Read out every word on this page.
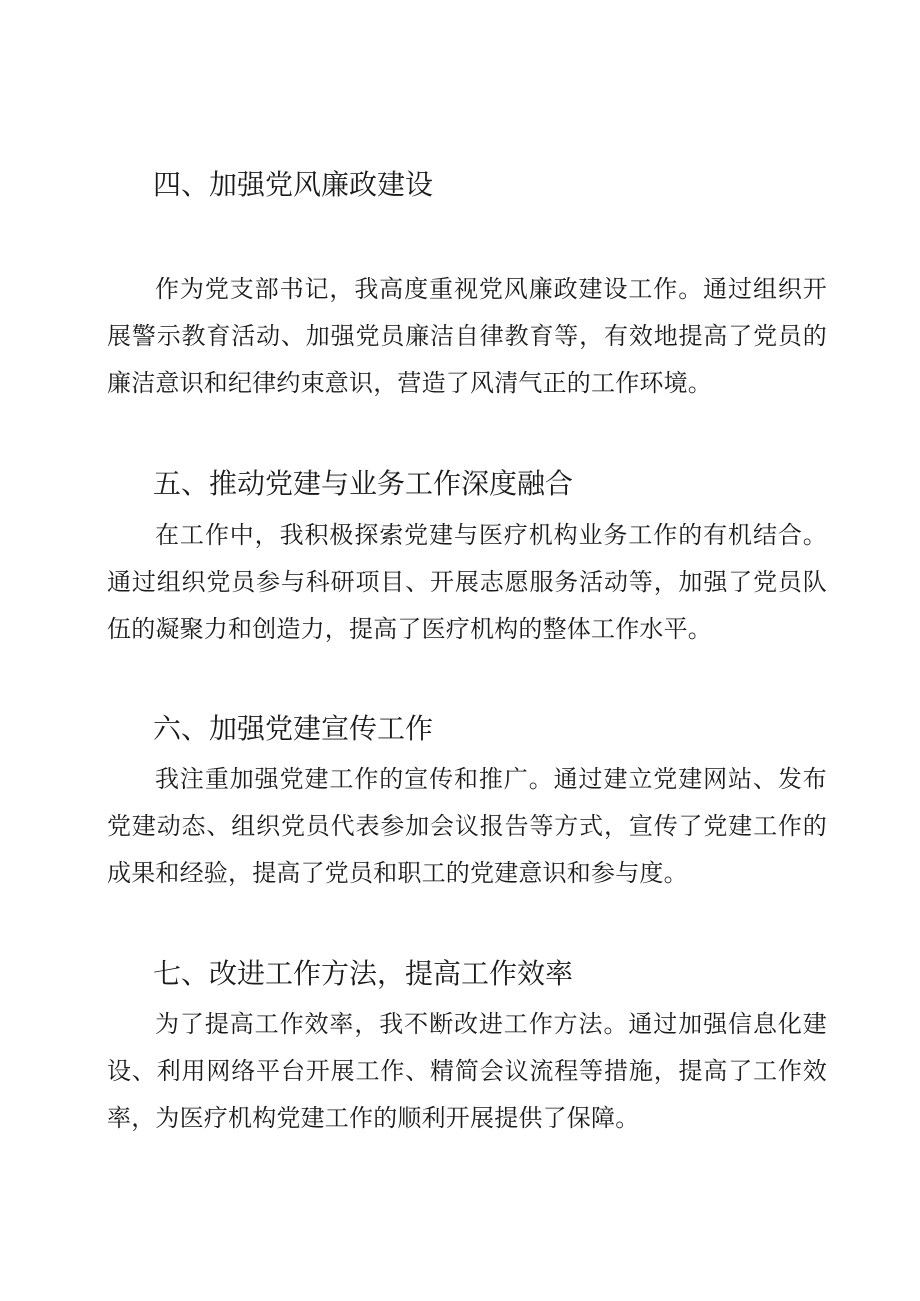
四、加强党风廉政建设

作为党支部书记，我高度重视党风廉政建设工作。通过组织开展警示教育活动、加强党员廉洁自律教育等，有效地提高了党员的廉洁意识和纪律约束意识，营造了风清气正的工作环境。

五、推动党建与业务工作深度融合

在工作中，我积极探索党建与医疗机构业务工作的有机结合。通过组织党员参与科研项目、开展志愿服务活动等，加强了党员队伍的凝聚力和创造力，提高了医疗机构的整体工作水平。

六、加强党建宣传工作

我注重加强党建工作的宣传和推广。通过建立党建网站、发布党建动态、组织党员代表参加会议报告等方式，宣传了党建工作的成果和经验，提高了党员和职工的党建意识和参与度。

七、改进工作方法，提高工作效率

为了提高工作效率，我不断改进工作方法。通过加强信息化建设、利用网络平台开展工作、精简会议流程等措施，提高了工作效率，为医疗机构党建工作的顺利开展提供了保障。
